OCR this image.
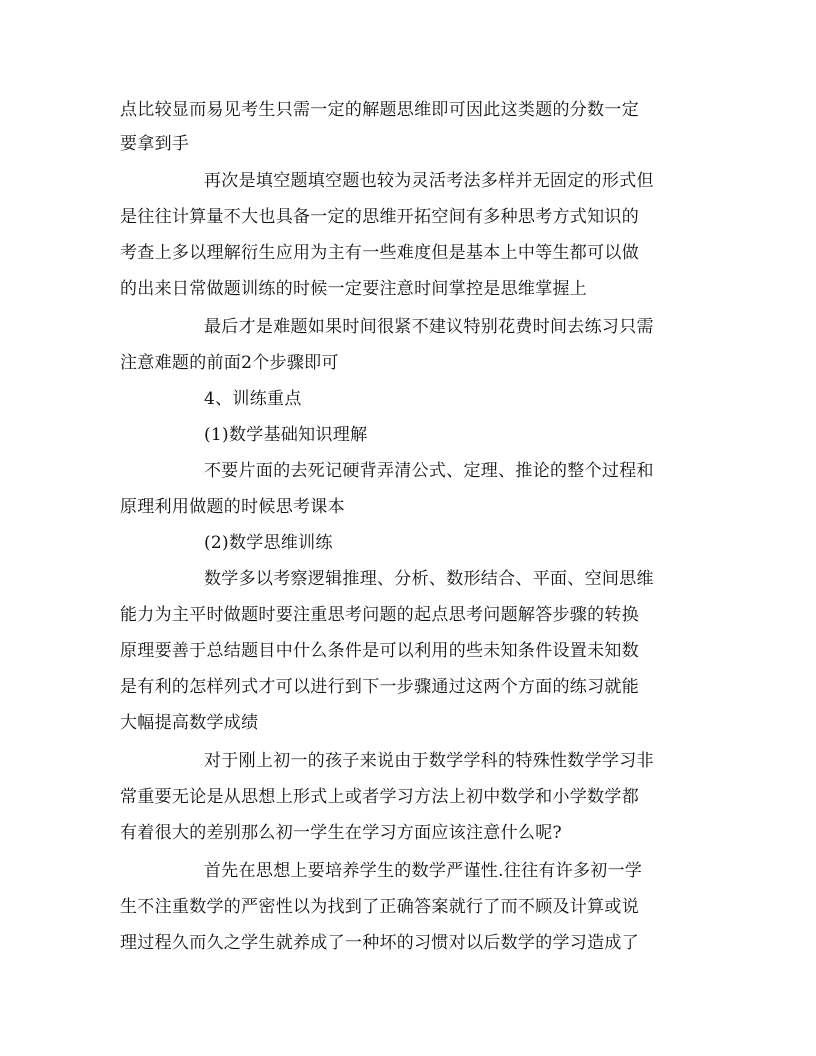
点比较显而易见考生只需一定的解题思维即可因此这类题的分数一定
要拿到手
再次是填空题填空题也较为灵活考法多样并无固定的形式但
是往往计算量不大也具备一定的思维开拓空间有多种思考方式知识的
考查上多以理解衍生应用为主有一些难度但是基本上中等生都可以做
的出来日常做题训练的时候一定要注意时间掌控是思维掌握上
最后才是难题如果时间很紧不建议特别花费时间去练习只需
注意难题的前面2个步骤即可
4、训练重点
(1)数学基础知识理解
不要片面的去死记硬背弄清公式、定理、推论的整个过程和
原理利用做题的时候思考课本
(2)数学思维训练
数学多以考察逻辑推理、分析、数形结合、平面、空间思维
能力为主平时做题时要注重思考问题的起点思考问题解答步骤的转换
原理要善于总结题目中什么条件是可以利用的些未知条件设置未知数
是有利的怎样列式才可以进行到下一步骤通过这两个方面的练习就能
大幅提高数学成绩
对于刚上初一的孩子来说由于数学学科的特殊性数学学习非
常重要无论是从思想上形式上或者学习方法上初中数学和小学数学都
有着很大的差别那么初一学生在学习方面应该注意什么呢?
首先在思想上要培养学生的数学严谨性.往往有许多初一学
生不注重数学的严密性以为找到了正确答案就行了而不顾及计算或说
理过程久而久之学生就养成了一种坏的习惯对以后数学的学习造成了
